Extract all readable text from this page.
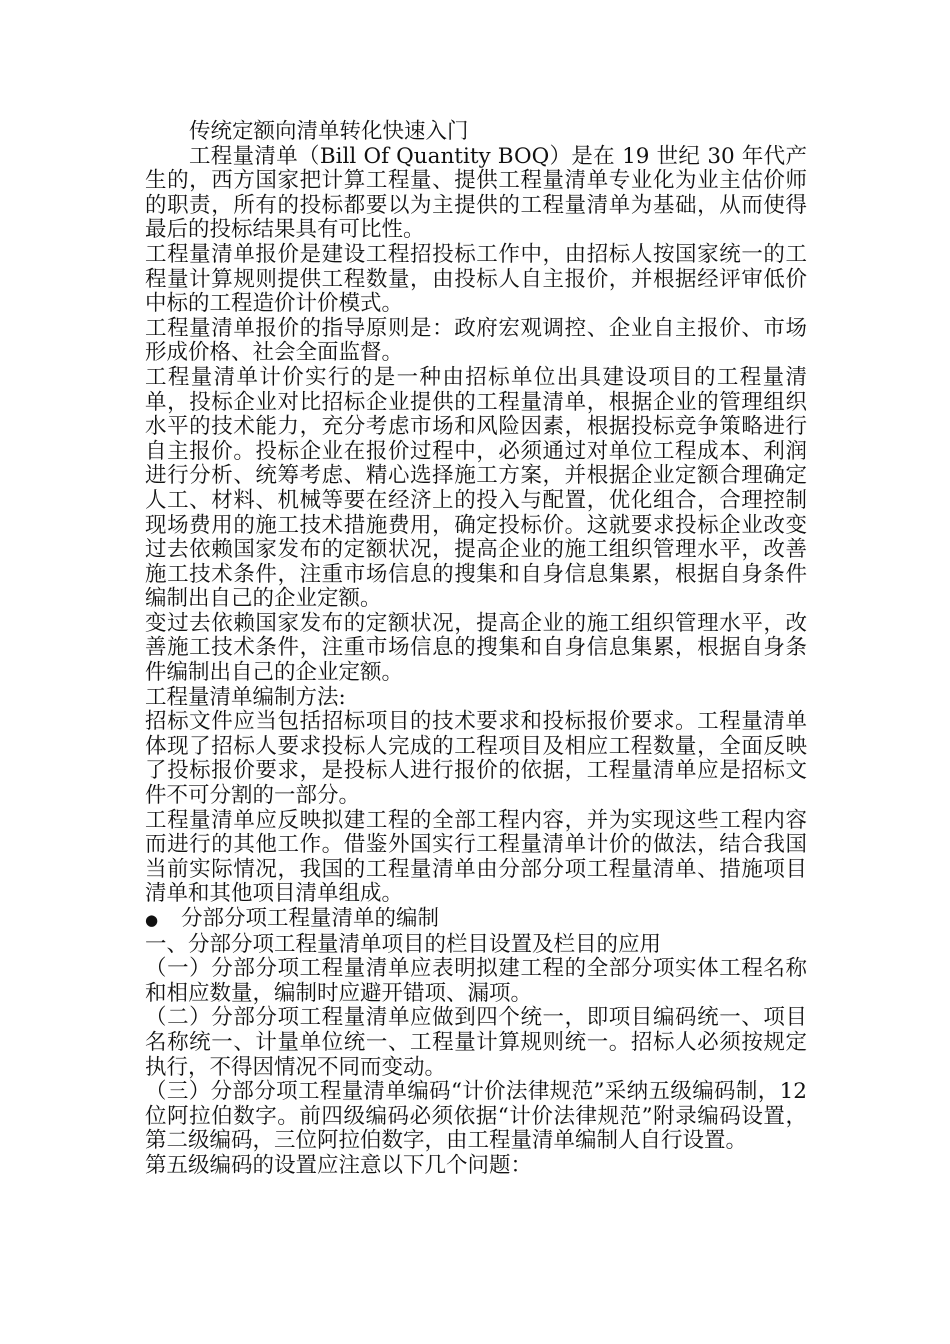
传统定额向清单转化快速入门

工程量清单（Bill Of Quantity BOQ）是在 19 世纪 30 年代产生的，西方国家把计算工程量、提供工程量清单专业化为业主估价师的职责，所有的投标都要以为主提供的工程量清单为基础，从而使得最后的投标结果具有可比性。

工程量清单报价是建设工程招投标工作中，由招标人按国家统一的工程量计算规则提供工程数量，由投标人自主报价，并根据经评审低价中标的工程造价计价模式。

工程量清单报价的指导原则是：政府宏观调控、企业自主报价、市场形成价格、社会全面监督。

工程量清单计价实行的是一种由招标单位出具建设项目的工程量清单，投标企业对比招标企业提供的工程量清单，根据企业的管理组织水平的技术能力，充分考虑市场和风险因素，根据投标竞争策略进行自主报价。投标企业在报价过程中，必须通过对单位工程成本、利润进行分析、统筹考虑、精心选择施工方案，并根据企业定额合理确定人工、材料、机械等要在经济上的投入与配置，优化组合，合理控制现场费用的施工技术措施费用，确定投标价。这就要求投标企业改变过去依赖国家发布的定额状况，提高企业的施工组织管理水平，改善施工技术条件，注重市场信息的搜集和自身信息集累，根据自身条件编制出自己的企业定额。

变过去依赖国家发布的定额状况，提高企业的施工组织管理水平，改善施工技术条件，注重市场信息的搜集和自身信息集累，根据自身条件编制出自己的企业定额。

工程量清单编制方法:

招标文件应当包括招标项目的技术要求和投标报价要求。工程量清单体现了招标人要求投标人完成的工程项目及相应工程数量，全面反映了投标报价要求，是投标人进行报价的依据，工程量清单应是招标文件不可分割的一部分。

工程量清单应反映拟建工程的全部工程内容，并为实现这些工程内容而进行的其他工作。借鉴外国实行工程量清单计价的做法，结合我国当前实际情况，我国的工程量清单由分部分项工程量清单、措施项目清单和其他项目清单组成。

●	分部分项工程量清单的编制

一、分部分项工程量清单项目的栏目设置及栏目的应用

（一）分部分项工程量清单应表明拟建工程的全部分项实体工程名称和相应数量，编制时应避开错项、漏项。

（二）分部分项工程量清单应做到四个统一，即项目编码统一、项目名称统一、计量单位统一、工程量计算规则统一。招标人必须按规定执行，不得因情况不同而变动。

（三）分部分项工程量清单编码“计价法律规范”采纳五级编码制，12 位阿拉伯数字。前四级编码必须依据“计价法律规范”附录编码设置，第二级编码，三位阿拉伯数字，由工程量清单编制人自行设置。

第五级编码的设置应注意以下几个问题：
